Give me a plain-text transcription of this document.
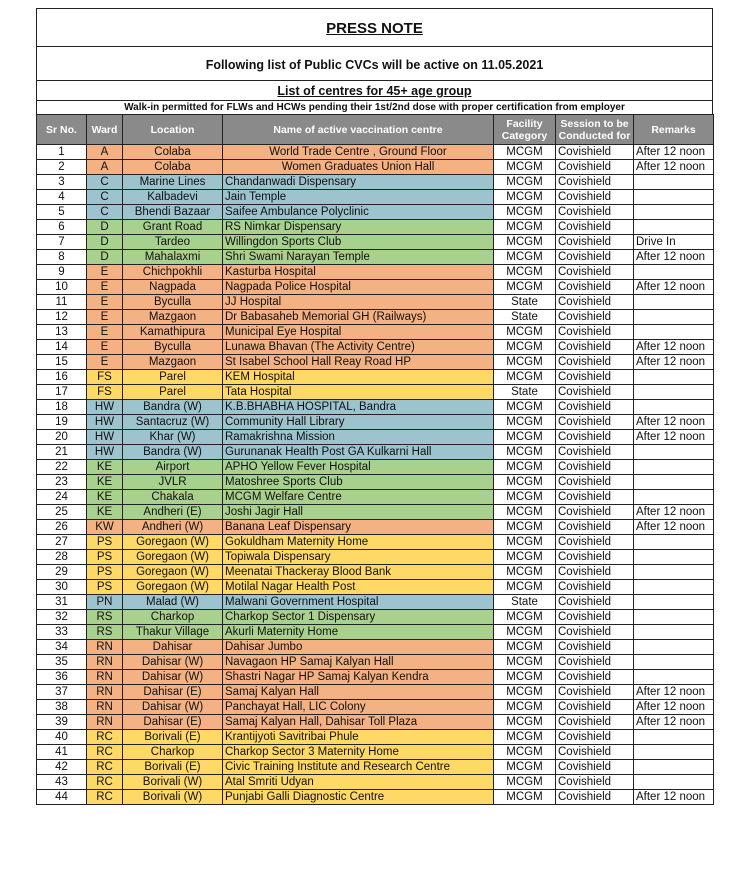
PRESS NOTE
Following list of Public CVCs will be active on 11.05.2021
List of centres for 45+ age group
Walk-in permitted for FLWs and HCWs pending their 1st/2nd dose with proper certification from employer
Sr No.	Ward	Location	Name of active vaccination centre	Facility Category	Session to be Conducted for	Remarks
1	A	Colaba	World Trade Centre , Ground Floor	MCGM	Covishield	After 12 noon
2	A	Colaba	Women Graduates Union Hall	MCGM	Covishield	After 12 noon
3	C	Marine Lines	Chandanwadi Dispensary	MCGM	Covishield	
4	C	Kalbadevi	Jain Temple	MCGM	Covishield	
5	C	Bhendi Bazaar	Saifee Ambulance Polyclinic	MCGM	Covishield	
6	D	Grant Road	RS Nimkar Dispensary	MCGM	Covishield	
7	D	Tardeo	Willingdon Sports Club	MCGM	Covishield	Drive In
8	D	Mahalaxmi	Shri Swami Narayan Temple	MCGM	Covishield	After 12 noon
9	E	Chichpokhli	Kasturba Hospital	MCGM	Covishield	
10	E	Nagpada	Nagpada Police Hospital	MCGM	Covishield	After 12 noon
11	E	Byculla	JJ Hospital	State	Covishield	
12	E	Mazgaon	Dr Babasaheb Memorial GH (Railways)	State	Covishield	
13	E	Kamathipura	Municipal Eye Hospital	MCGM	Covishield	
14	E	Byculla	Lunawa Bhavan (The Activity Centre)	MCGM	Covishield	After 12 noon
15	E	Mazgaon	St Isabel School Hall Reay Road HP	MCGM	Covishield	After 12 noon
16	FS	Parel	KEM Hospital	MCGM	Covishield	
17	FS	Parel	Tata Hospital	State	Covishield	
18	HW	Bandra (W)	K.B.BHABHA HOSPITAL, Bandra	MCGM	Covishield	
19	HW	Santacruz (W)	Community Hall Library	MCGM	Covishield	After 12 noon
20	HW	Khar (W)	Ramakrishna Mission	MCGM	Covishield	After 12 noon
21	HW	Bandra (W)	Gurunanak Health Post GA Kulkarni Hall	MCGM	Covishield	
22	KE	Airport	APHO Yellow Fever Hospital	MCGM	Covishield	
23	KE	JVLR	Matoshree Sports Club	MCGM	Covishield	
24	KE	Chakala	MCGM Welfare Centre	MCGM	Covishield	
25	KE	Andheri (E)	Joshi Jagir Hall	MCGM	Covishield	After 12 noon
26	KW	Andheri (W)	Banana Leaf Dispensary	MCGM	Covishield	After 12 noon
27	PS	Goregaon (W)	Gokuldham Maternity Home	MCGM	Covishield	
28	PS	Goregaon (W)	Topiwala Dispensary	MCGM	Covishield	
29	PS	Goregaon (W)	Meenatai Thackeray Blood Bank	MCGM	Covishield	
30	PS	Goregaon (W)	Motilal Nagar Health Post	MCGM	Covishield	
31	PN	Malad (W)	Malwani Government Hospital	State	Covishield	
32	RS	Charkop	Charkop Sector 1 Dispensary	MCGM	Covishield	
33	RS	Thakur Village	Akurli Maternity Home	MCGM	Covishield	
34	RN	Dahisar	Dahisar Jumbo	MCGM	Covishield	
35	RN	Dahisar (W)	Navagaon HP Samaj Kalyan Hall	MCGM	Covishield	
36	RN	Dahisar (W)	Shastri Nagar HP Samaj Kalyan Kendra	MCGM	Covishield	
37	RN	Dahisar (E)	Samaj Kalyan Hall	MCGM	Covishield	After 12 noon
38	RN	Dahisar (W)	Panchayat Hall, LIC Colony	MCGM	Covishield	After 12 noon
39	RN	Dahisar (E)	Samaj Kalyan Hall, Dahisar Toll Plaza	MCGM	Covishield	After 12 noon
40	RC	Borivali (E)	Krantijyoti Savitribai Phule	MCGM	Covishield	
41	RC	Charkop	Charkop Sector 3 Maternity Home	MCGM	Covishield	
42	RC	Borivali (E)	Civic Training Institute and Research Centre	MCGM	Covishield	
43	RC	Borivali (W)	Atal Smriti Udyan	MCGM	Covishield	
44	RC	Borivali (W)	Punjabi Galli Diagnostic Centre	MCGM	Covishield	After 12 noon
